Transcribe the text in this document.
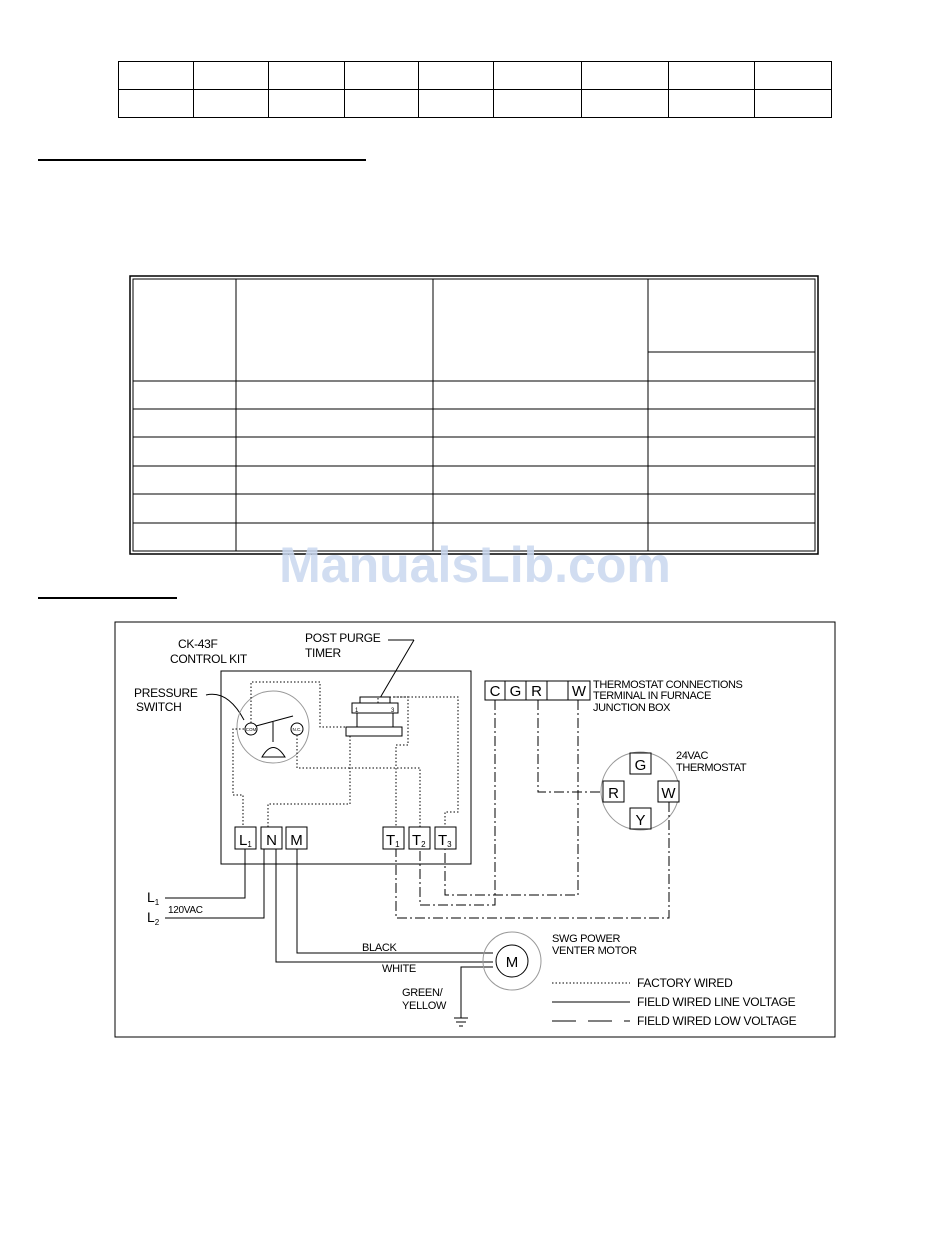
ManualsLib.com
CK-43F CONTROL KIT
PRESSURE SWITCH
COM	N.C.
POST PURGE TIMER
1	3
L1 N M	T1 T2 T3
C G R W THERMOSTAT CONNECTIONS TERMINAL IN FURNACE JUNCTION BOX
24VAC THERMOSTAT
G
R	W
Y
$L_1$
$L_2$
120VAC
BLACK
WHITE
GREEN/ YELLOW
M
SWG POWER VENTER MOTOR
FACTORY WIRED
FIELD WIRED LINE VOLTAGE
FIELD WIRED LOW VOLTAGE
